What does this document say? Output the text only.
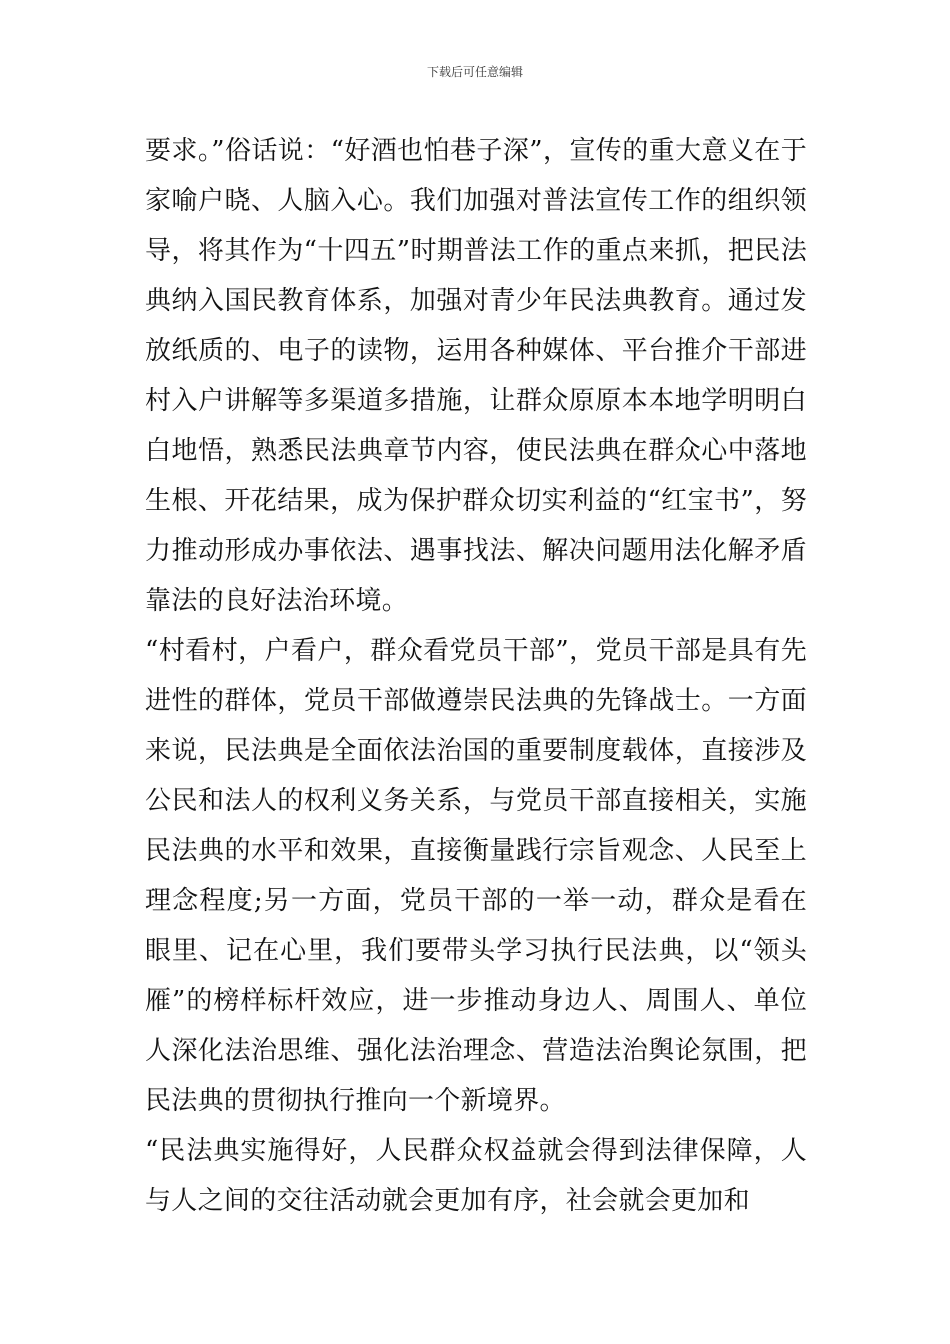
下载后可任意编辑

要求。”俗话说：“好酒也怕巷子深”，宣传的重大意义在于家喻户晓、人脑入心。我们加强对普法宣传工作的组织领导，将其作为“十四五”时期普法工作的重点来抓，把民法典纳入国民教育体系，加强对青少年民法典教育。通过发放纸质的、电子的读物，运用各种媒体、平台推介干部进村入户讲解等多渠道多措施，让群众原原本本地学明明白白地悟，熟悉民法典章节内容，使民法典在群众心中落地生根、开花结果，成为保护群众切实利益的“红宝书”，努力推动形成办事依法、遇事找法、解决问题用法化解矛盾靠法的良好法治环境。

“村看村，户看户，群众看党员干部”，党员干部是具有先进性的群体，党员干部做遵崇民法典的先锋战士。一方面来说，民法典是全面依法治国的重要制度载体，直接涉及公民和法人的权利义务关系，与党员干部直接相关，实施民法典的水平和效果，直接衡量践行宗旨观念、人民至上理念程度;另一方面，党员干部的一举一动，群众是看在眼里、记在心里，我们要带头学习执行民法典，以“领头雁”的榜样标杆效应，进一步推动身边人、周围人、单位人深化法治思维、强化法治理念、营造法治舆论氛围，把民法典的贯彻执行推向一个新境界。

“民法典实施得好，人民群众权益就会得到法律保障，人与人之间的交往活动就会更加有序，社会就会更加和
